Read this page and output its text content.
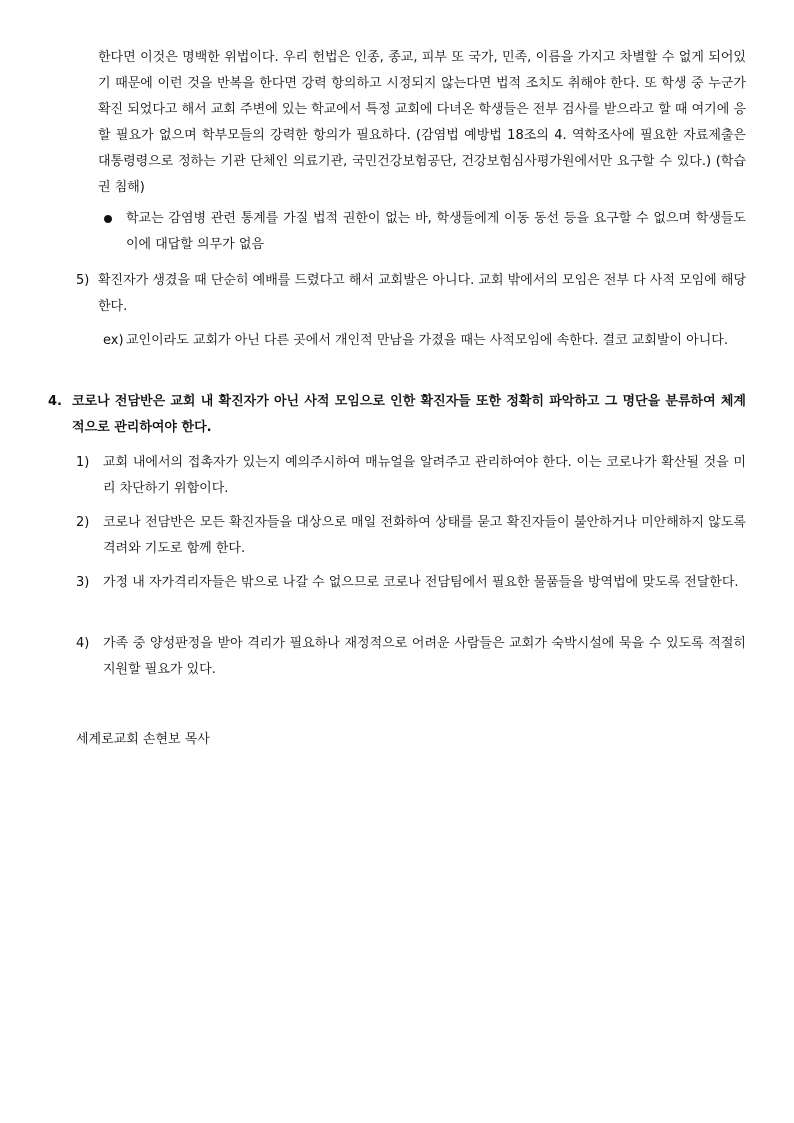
한다면 이것은 명백한 위법이다. 우리 헌법은 인종, 종교, 피부 또 국가, 민족, 이름을 가지고 차별할 수 없게 되어있기 때문에 이런 것을 반복을 한다면 강력 항의하고 시정되지 않는다면 법적 조치도 취해야 한다. 또 학생 중 누군가 확진 되었다고 해서 교회 주변에 있는 학교에서 특정 교회에 다녀온 학생들은 전부 검사를 받으라고 할 때 여기에 응할 필요가 없으며 학부모들의 강력한 항의가 필요하다. (감염법 예방법 18조의 4. 역학조사에 필요한 자료제출은 대통령령으로 정하는 기관 단체인 의료기관, 국민건강보험공단, 건강보험심사평가원에서만 요구할 수 있다.) (학습권 침해)

학교는 감염병 관련 통계를 가질 법적 권한이 없는 바, 학생들에게 이동 동선 등을 요구할 수 없으며 학생들도 이에 대답할 의무가 없음

5) 확진자가 생겼을 때 단순히 예배를 드렸다고 해서 교회발은 아니다. 교회 밖에서의 모임은 전부 다 사적 모임에 해당한다.

ex) 교인이라도 교회가 아닌 다른 곳에서 개인적 만남을 가졌을 때는 사적모임에 속한다. 결코 교회발이 아니다.

4. 코로나 전담반은 교회 내 확진자가 아닌 사적 모임으로 인한 확진자들 또한 정확히 파악하고 그 명단을 분류하여 체계적으로 관리하여야 한다.

1) 교회 내에서의 접촉자가 있는지 예의주시하여 매뉴얼을 알려주고 관리하여야 한다. 이는 코로나가 확산될 것을 미리 차단하기 위함이다.

2) 코로나 전담반은 모든 확진자들을 대상으로 매일 전화하여 상태를 묻고 확진자들이 불안하거나 미안해하지 않도록 격려와 기도로 함께 한다.

3) 가정 내 자가격리자들은 밖으로 나갈 수 없으므로 코로나 전담팀에서 필요한 물품들을 방역법에 맞도록 전달한다.

4) 가족 중 양성판정을 받아 격리가 필요하나 재정적으로 어려운 사람들은 교회가 숙박시설에 묵을 수 있도록 적절히 지원할 필요가 있다.

세계로교회 손현보 목사
